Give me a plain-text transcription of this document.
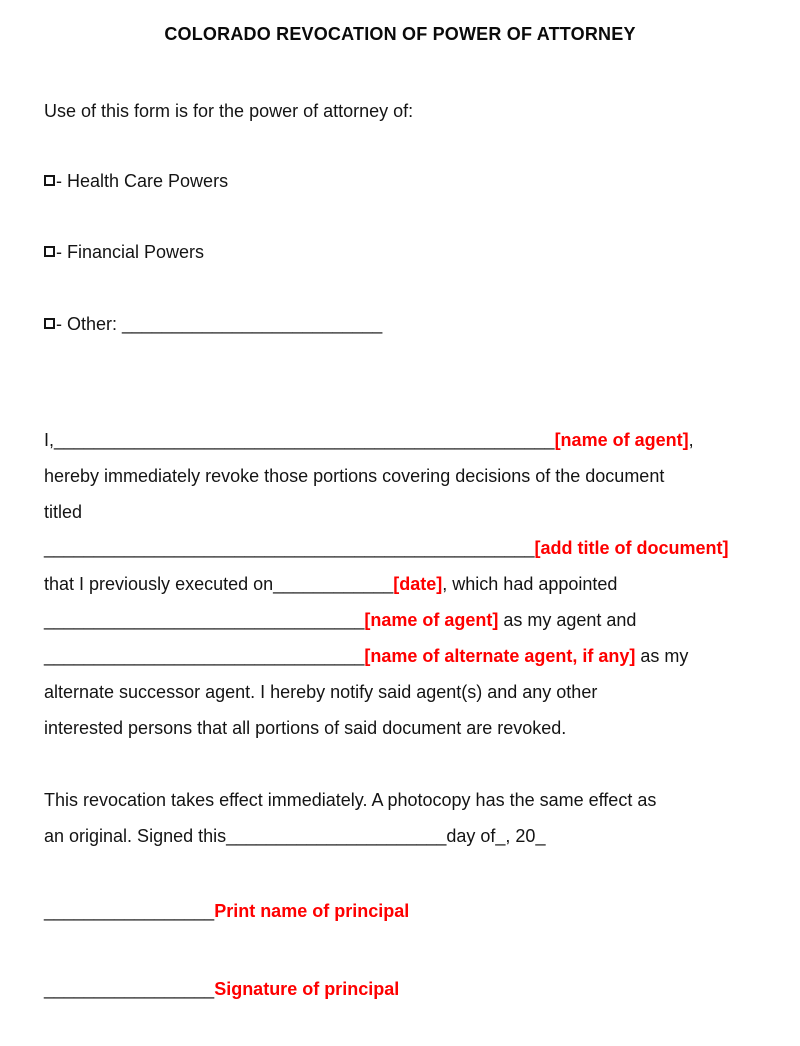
COLORADO REVOCATION OF POWER OF ATTORNEY

Use of this form is for the power of attorney of:

- Health Care Powers
- Financial Powers
- Other: __________________________
I,__________________________________________________[name of agent],
hereby immediately revoke those portions covering decisions of the document
titled
_________________________________________________[add title of document]
that I previously executed on____________[date], which had appointed
________________________________[name of agent] as my agent and
________________________________[name of alternate agent, if any] as my
alternate successor agent. I hereby notify said agent(s) and any other
interested persons that all portions of said document are revoked.
This revocation takes effect immediately. A photocopy has the same effect as
an original. Signed this______________________day of_, 20_
_________________Print name of principal
_________________Signature of principal
